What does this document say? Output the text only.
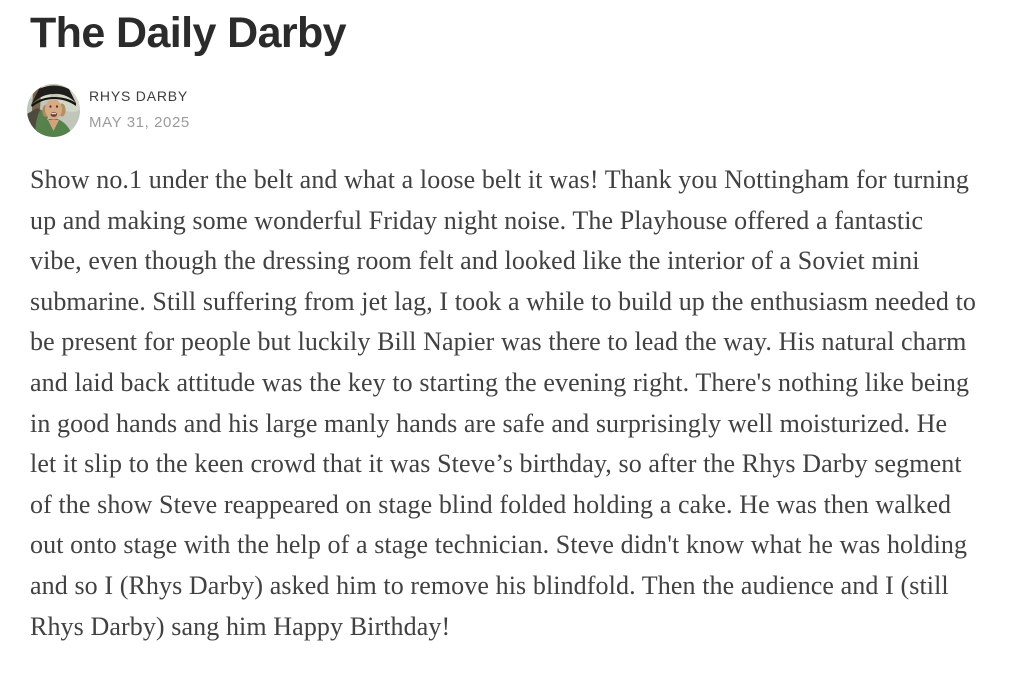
The Daily Darby
RHYS DARBY
MAY 31, 2025

Show no.1 under the belt and what a loose belt it was! Thank you Nottingham for turning up and making some wonderful Friday night noise. The Playhouse offered a fantastic vibe, even though the dressing room felt and looked like the interior of a Soviet mini submarine. Still suffering from jet lag, I took a while to build up the enthusiasm needed to be present for people but luckily Bill Napier was there to lead the way. His natural charm and laid back attitude was the key to starting the evening right. There's nothing like being in good hands and his large manly hands are safe and surprisingly well moisturized. He let it slip to the keen crowd that it was Steve’s birthday, so after the Rhys Darby segment of the show Steve reappeared on stage blind folded holding a cake. He was then walked out onto stage with the help of a stage technician. Steve didn't know what he was holding and so I (Rhys Darby) asked him to remove his blindfold. Then the audience and I (still Rhys Darby) sang him Happy Birthday!
